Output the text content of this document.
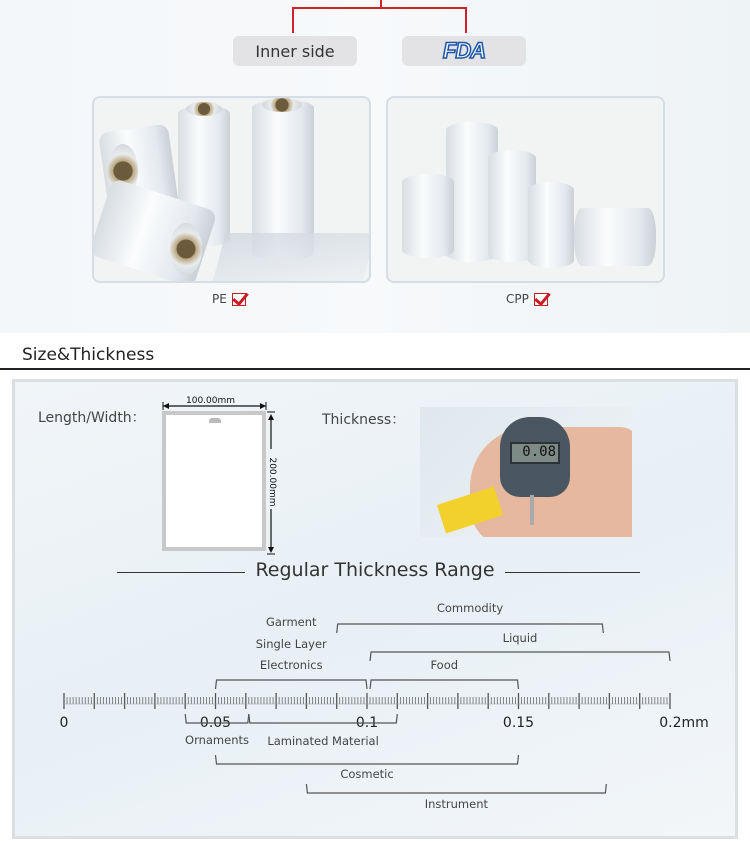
Inner side	FDA
PE	CPP
Size&Thickness
Length/Width：
100.00mm
200.00mm
Thickness：
0.08
Regular Thickness Range
0	0.05	0.1	0.15	0.2mm
Commodity
Liquid
Garment
Single Layer
Electronics	Food
Ornaments Laminated Material
Cosmetic
Instrument
